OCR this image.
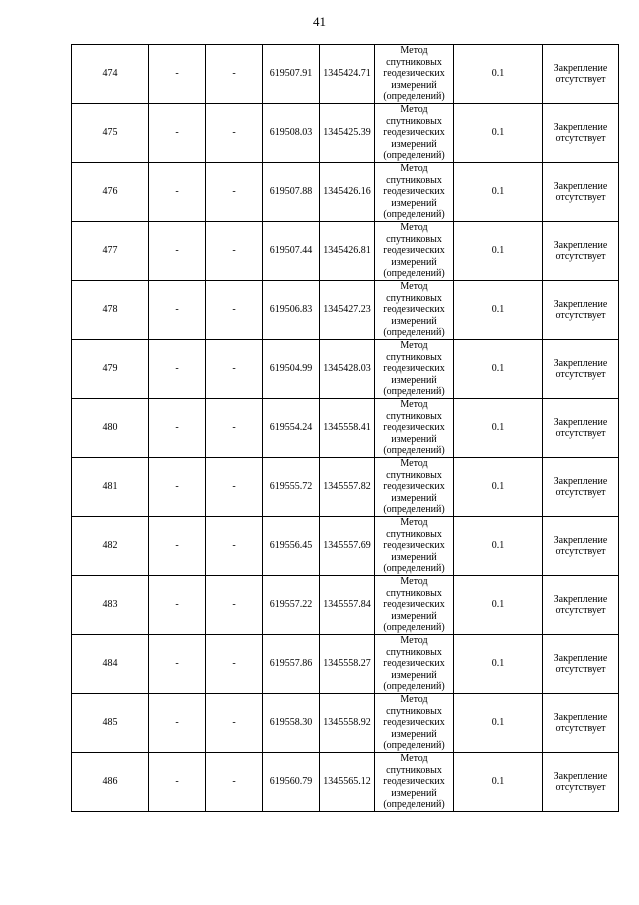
41
474	-	-	619507.91	1345424.71	Метод спутниковых геодезических измерений (определений)	0.1	Закрепление отсутствует
475	-	-	619508.03	1345425.39	Метод спутниковых геодезических измерений (определений)	0.1	Закрепление отсутствует
476	-	-	619507.88	1345426.16	Метод спутниковых геодезических измерений (определений)	0.1	Закрепление отсутствует
477	-	-	619507.44	1345426.81	Метод спутниковых геодезических измерений (определений)	0.1	Закрепление отсутствует
478	-	-	619506.83	1345427.23	Метод спутниковых геодезических измерений (определений)	0.1	Закрепление отсутствует
479	-	-	619504.99	1345428.03	Метод спутниковых геодезических измерений (определений)	0.1	Закрепление отсутствует
480	-	-	619554.24	1345558.41	Метод спутниковых геодезических измерений (определений)	0.1	Закрепление отсутствует
481	-	-	619555.72	1345557.82	Метод спутниковых геодезических измерений (определений)	0.1	Закрепление отсутствует
482	-	-	619556.45	1345557.69	Метод спутниковых геодезических измерений (определений)	0.1	Закрепление отсутствует
483	-	-	619557.22	1345557.84	Метод спутниковых геодезических измерений (определений)	0.1	Закрепление отсутствует
484	-	-	619557.86	1345558.27	Метод спутниковых геодезических измерений (определений)	0.1	Закрепление отсутствует
485	-	-	619558.30	1345558.92	Метод спутниковых геодезических измерений (определений)	0.1	Закрепление отсутствует
486	-	-	619560.79	1345565.12	Метод спутниковых геодезических измерений (определений)	0.1	Закрепление отсутствует
